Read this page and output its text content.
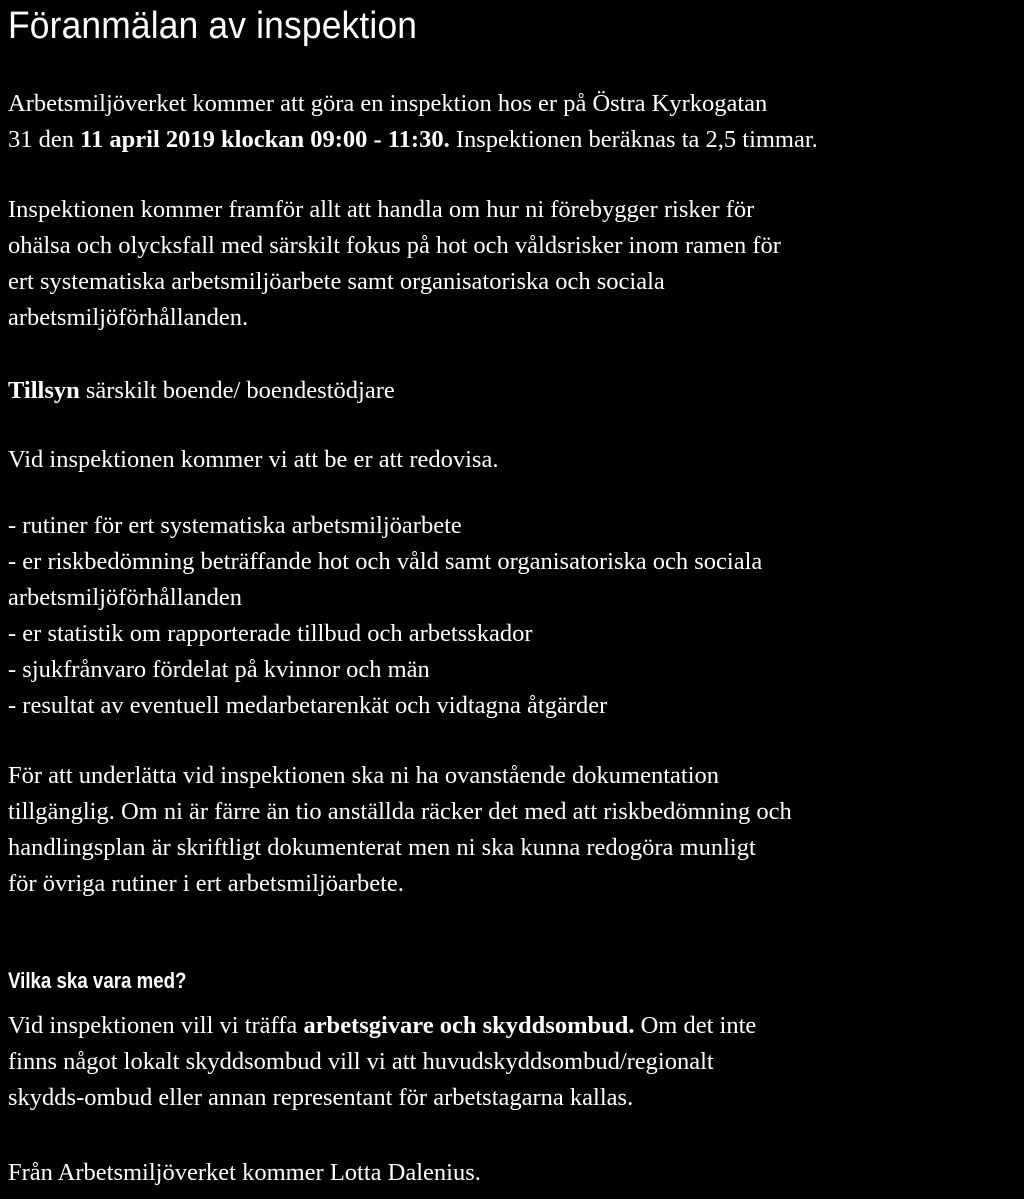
Föranmälan av inspektion

Arbetsmiljöverket kommer att göra en inspektion hos er på Östra Kyrkogatan
31 den 11 april 2019 klockan 09:00 - 11:30. Inspektionen beräknas ta 2,5 timmar.

Inspektionen kommer framför allt att handla om hur ni förebygger risker för
ohälsa och olycksfall med särskilt fokus på hot och våldsrisker inom ramen för
ert systematiska arbetsmiljöarbete samt organisatoriska och sociala
arbetsmiljöförhållanden.

Tillsyn särskilt boende/ boendestödjare

Vid inspektionen kommer vi att be er att redovisa.

- rutiner för ert systematiska arbetsmiljöarbete
- er riskbedömning beträffande hot och våld samt organisatoriska och sociala
arbetsmiljöförhållanden
- er statistik om rapporterade tillbud och arbetsskador
- sjukfrånvaro fördelat på kvinnor och män
- resultat av eventuell medarbetarenkät och vidtagna åtgärder

För att underlätta vid inspektionen ska ni ha ovanstående dokumentation
tillgänglig. Om ni är färre än tio anställda räcker det med att riskbedömning och
handlingsplan är skriftligt dokumenterat men ni ska kunna redogöra munligt
för övriga rutiner i ert arbetsmiljöarbete.

Vilka ska vara med?

Vid inspektionen vill vi träffa arbetsgivare och skyddsombud. Om det inte
finns något lokalt skyddsombud vill vi att huvudskyddsombud/regionalt
skydds-ombud eller annan representant för arbetstagarna kallas.

Från Arbetsmiljöverket kommer Lotta Dalenius.
